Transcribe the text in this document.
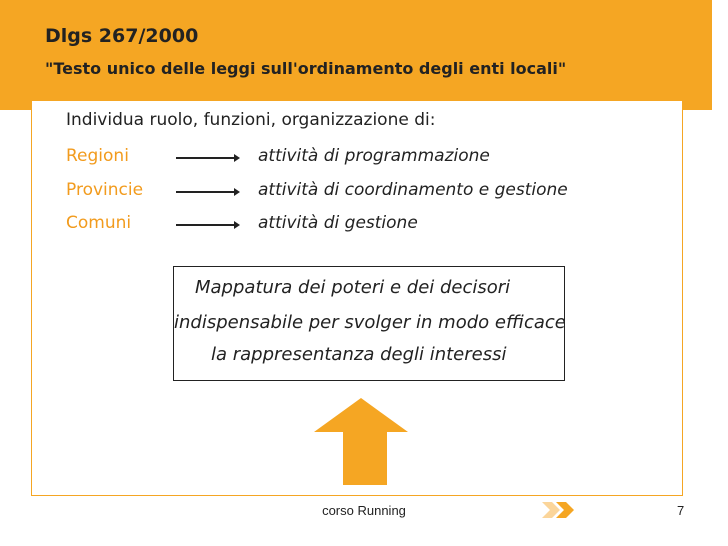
Dlgs 267/2000
"Testo unico delle leggi sull'ordinamento degli enti locali"
Individua ruolo, funzioni, organizzazione di:
Regioni	attività di programmazione
Provincie	attività di coordinamento e gestione
Comuni	attività di gestione
Mappatura dei poteri e dei decisori
indispensabile per svolger in modo efficace
la rappresentanza degli interessi
corso Running	7
